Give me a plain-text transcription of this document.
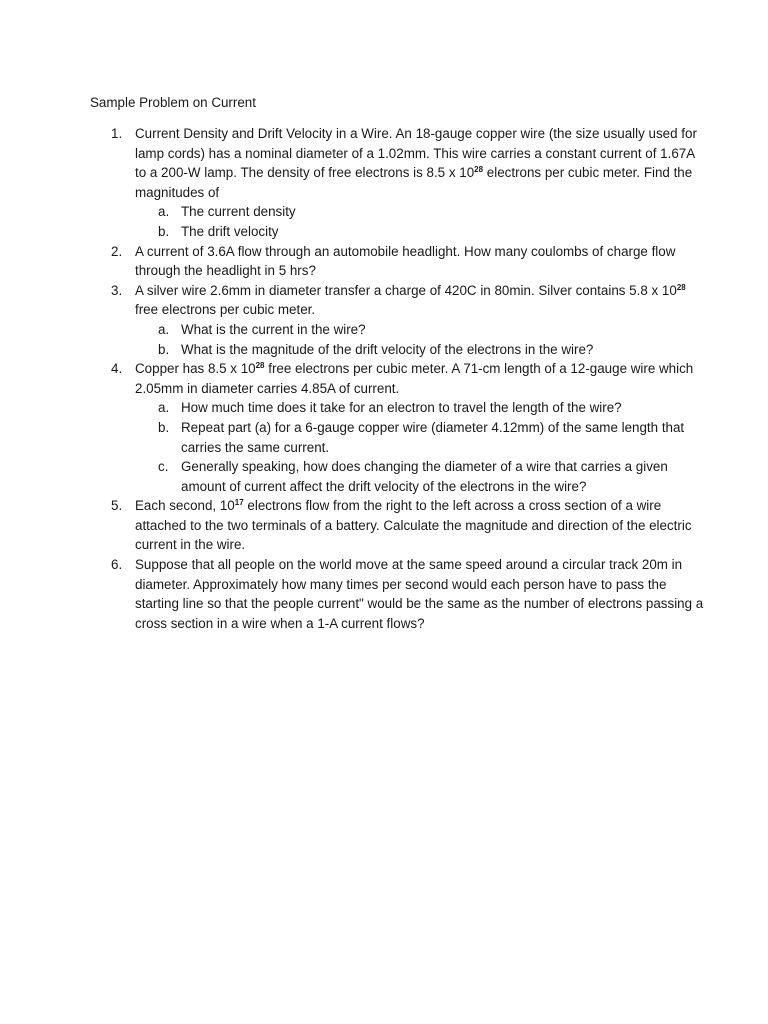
Sample Problem on Current
1. Current Density and Drift Velocity in a Wire. An 18-gauge copper wire (the size usually used for
lamp cords) has a nominal diameter of a 1.02mm. This wire carries a constant current of 1.67A
to a 200-W lamp. The density of free electrons is 8.5 x $10^{28}$ electrons per cubic meter. Find the
magnitudes of
a. The current density
b. The drift velocity
2. A current of 3.6A flow through an automobile headlight. How many coulombs of charge flow
through the headlight in 5 hrs?
3. A silver wire 2.6mm in diameter transfer a charge of 420C in 80min. Silver contains 5.8 x $10^{28}$
free electrons per cubic meter.
a. What is the current in the wire?
b. What is the magnitude of the drift velocity of the electrons in the wire?
4. Copper has 8.5 x $10^{28}$ free electrons per cubic meter. A 71-cm length of a 12-gauge wire which
2.05mm in diameter carries 4.85A of current.
a. How much time does it take for an electron to travel the length of the wire?
b. Repeat part (a) for a 6-gauge copper wire (diameter 4.12mm) of the same length that
carries the same current.
c. Generally speaking, how does changing the diameter of a wire that carries a given
amount of current affect the drift velocity of the electrons in the wire?
5. Each second, $10^{17}$ electrons flow from the right to the left across a cross section of a wire
attached to the two terminals of a battery. Calculate the magnitude and direction of the electric
current in the wire.
6. Suppose that all people on the world move at the same speed around a circular track 20m in
diameter. Approximately how many times per second would each person have to pass the
starting line so that the people current" would be the same as the number of electrons passing a
cross section in a wire when a 1-A current flows?
